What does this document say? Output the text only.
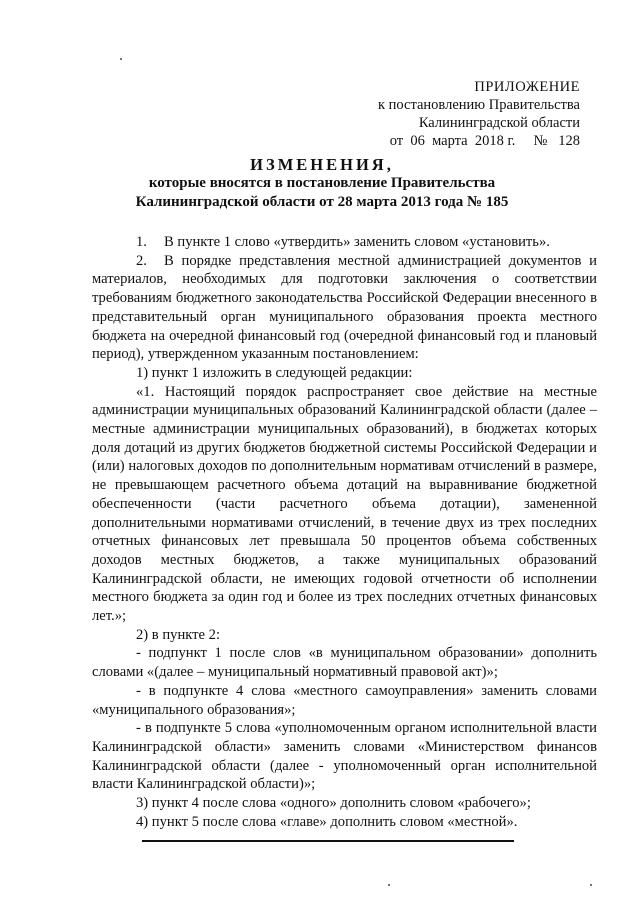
ПРИЛОЖЕНИЕ
к постановлению Правительства
Калининградской области
от  06  марта  2018 г.     №   128
ИЗМЕНЕНИЯ,
которые вносятся в постановление Правительства Калининградской области от 28 марта 2013 года № 185

1. В пункте 1 слово «утвердить» заменить словом «установить».

2. В порядке представления местной администрацией документов и материалов, необходимых для подготовки заключения о соответствии требованиям бюджетного законодательства Российской Федерации внесенного в представительный орган муниципального образования проекта местного бюджета на очередной финансовый год (очередной финансовый год и плановый период), утвержденном указанным постановлением:

1) пункт 1 изложить в следующей редакции:

«1. Настоящий порядок распространяет свое действие на местные администрации муниципальных образований Калининградской области (далее – местные администрации муниципальных образований), в бюджетах которых доля дотаций из других бюджетов бюджетной системы Российской Федерации и (или) налоговых доходов по дополнительным нормативам отчислений в размере, не превышающем расчетного объема дотаций на выравнивание бюджетной обеспеченности (части расчетного объема дотации), замененной дополнительными нормативами отчислений, в течение двух из трех последних отчетных финансовых лет превышала 50 процентов объема собственных доходов местных бюджетов, а также муниципальных образований Калининградской области, не имеющих годовой отчетности об исполнении местного бюджета за один год и более из трех последних отчетных финансовых лет.»;

2) в пункте 2:

- подпункт 1 после слов «в муниципальном образовании» дополнить словами «(далее – муниципальный нормативный правовой акт)»;

- в подпункте 4 слова «местного самоуправления» заменить словами «муниципального образования»;

- в подпункте 5 слова «уполномоченным органом исполнительной власти Калининградской области» заменить словами «Министерством финансов Калининградской области (далее - уполномоченный орган исполнительной власти Калининградской области)»;

3) пункт 4 после слова «одного» дополнить словом «рабочего»;

4) пункт 5 после слова «главе» дополнить словом «местной».
